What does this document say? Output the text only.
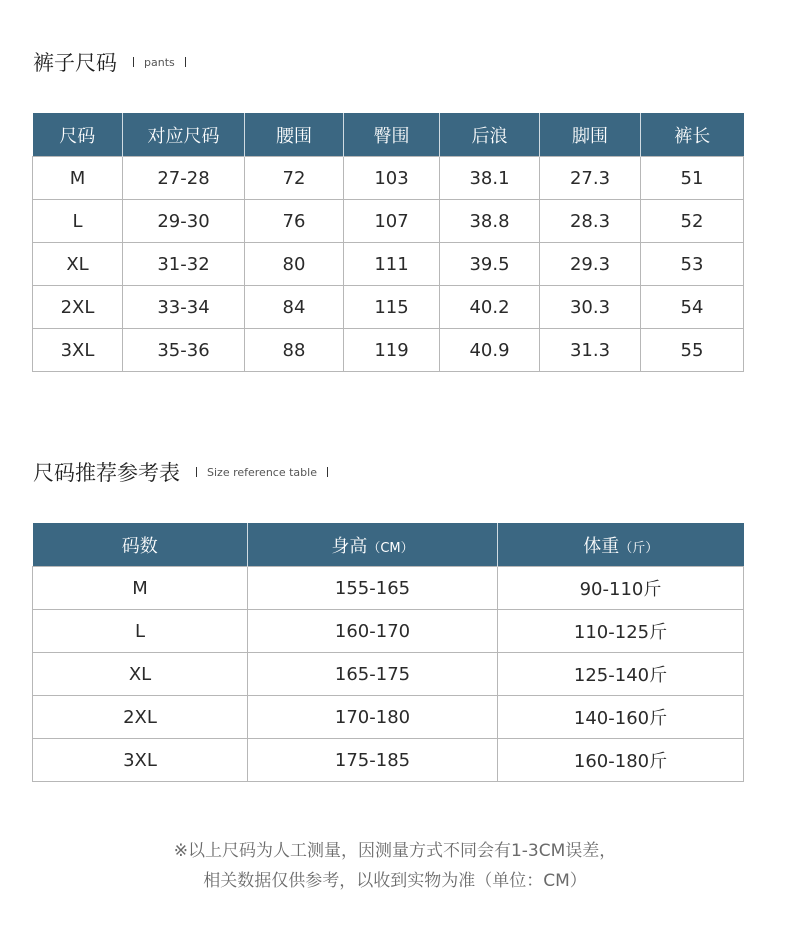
裤子尺码 pants
尺码	对应尺码	腰围	臀围	后浪	脚围	裤长
M	27-28	72	103	38.1	27.3	51
L	29-30	76	107	38.8	28.3	52
XL	31-32	80	111	39.5	29.3	53
2XL	33-34	84	115	40.2	30.3	54
3XL	35-36	88	119	40.9	31.3	55
尺码推荐参考表 Size reference table
码数	身高（CM）	体重（斤）
M	155-165	90-110斤
L	160-170	110-125斤
XL	165-175	125-140斤
2XL	170-180	140-160斤
3XL	175-185	160-180斤
※以上尺码为人工测量，因测量方式不同会有1-3CM误差，
相关数据仅供参考，以收到实物为准（单位：CM）
